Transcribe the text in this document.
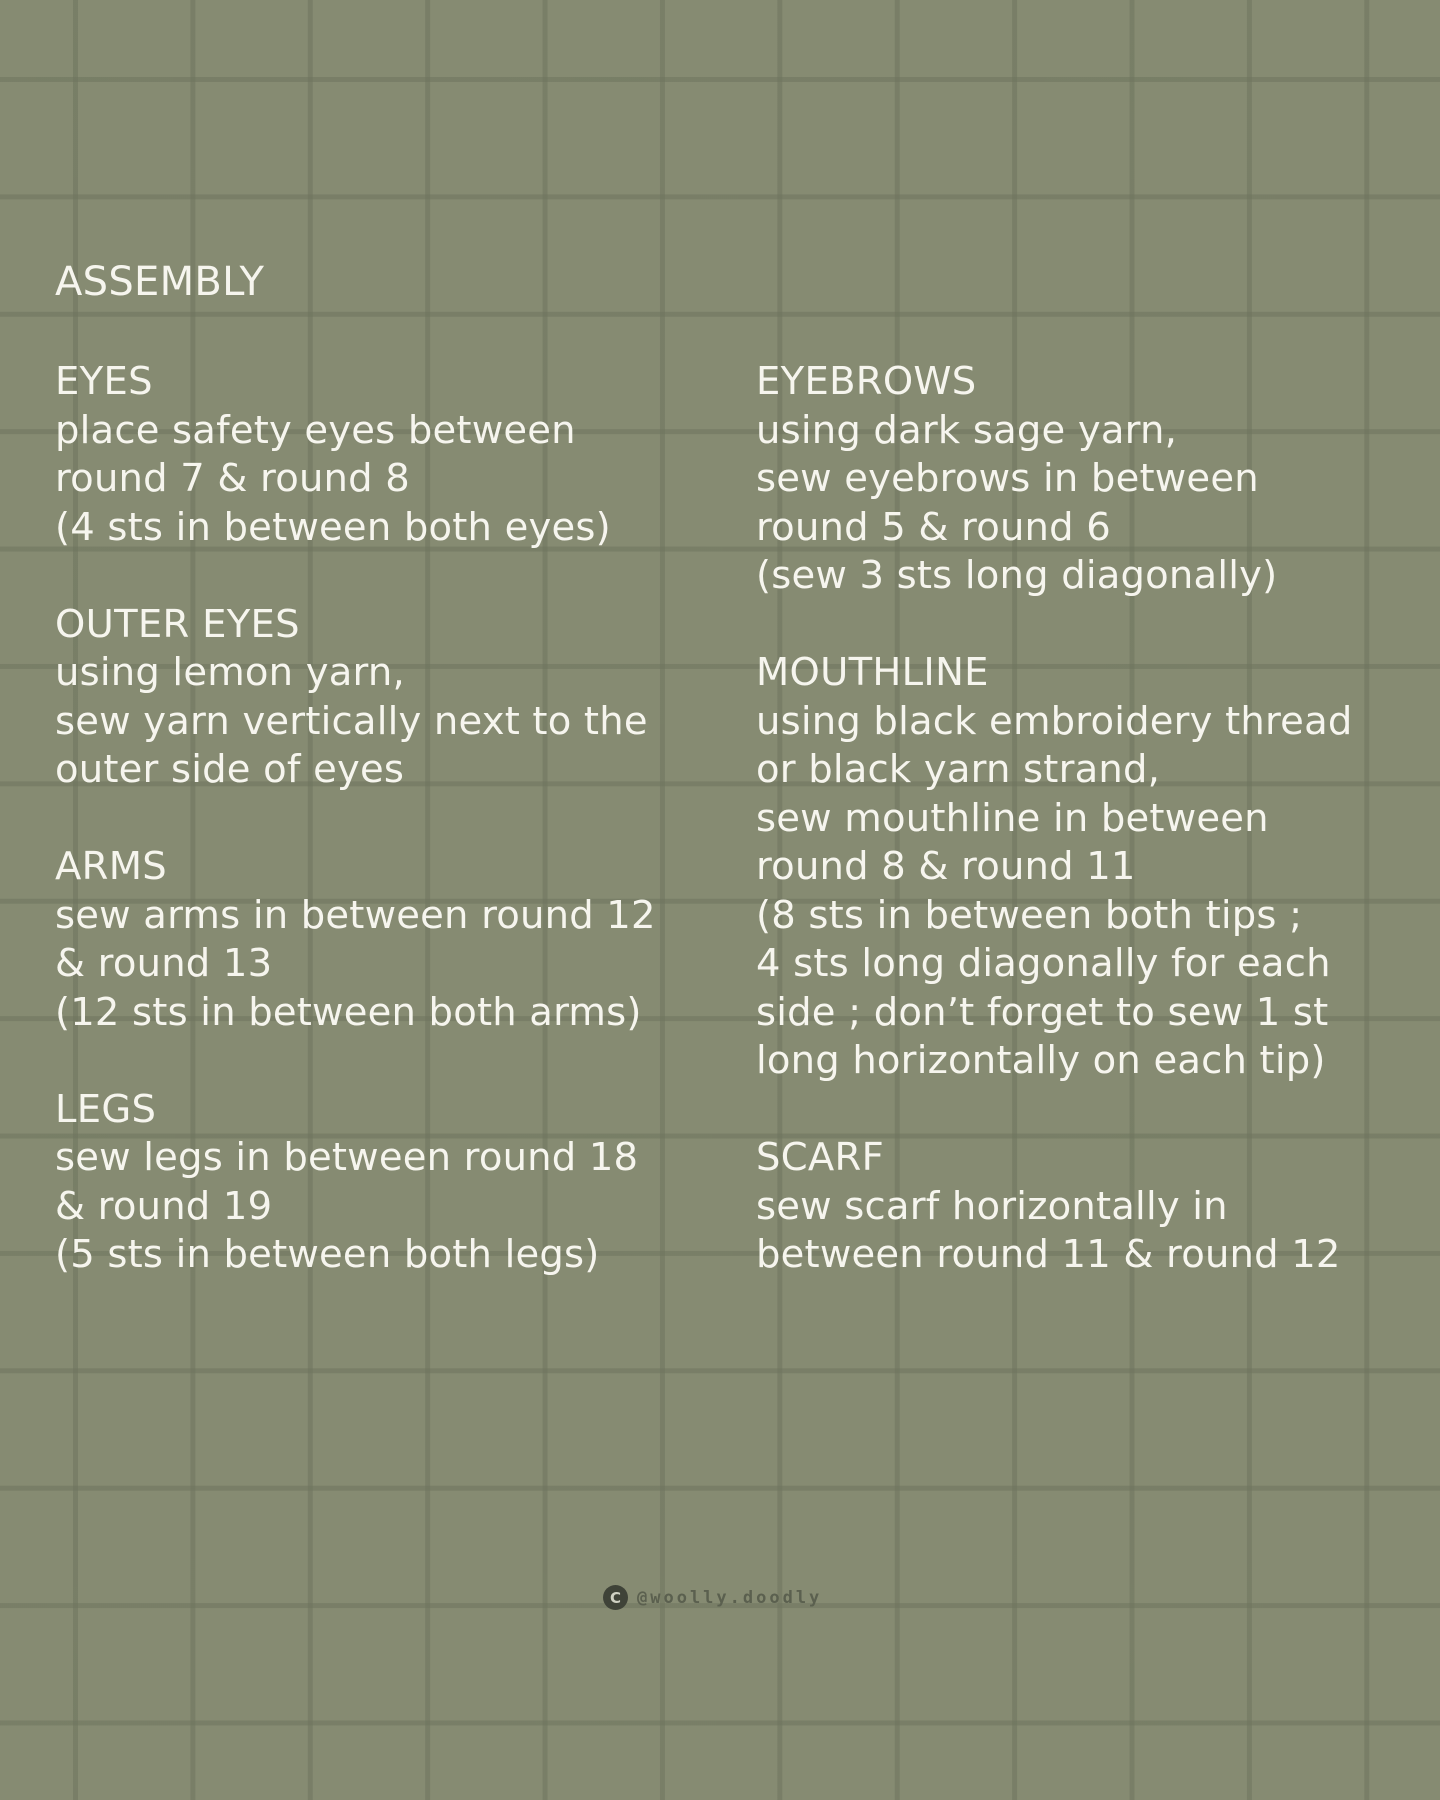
ASSEMBLY
EYES
place safety eyes between
round 7 & round 8
(4 sts in between both eyes)
OUTER EYES
using lemon yarn,
sew yarn vertically next to the
outer side of eyes
ARMS
sew arms in between round 12
& round 13
(12 sts in between both arms)
LEGS
sew legs in between round 18
& round 19
(5 sts in between both legs)
EYEBROWS
using dark sage yarn,
sew eyebrows in between
round 5 & round 6
(sew 3 sts long diagonally)
MOUTHLINE
using black embroidery thread
or black yarn strand,
sew mouthline in between
round 8 & round 11
(8 sts in between both tips ;
4 sts long diagonally for each
side ; don’t forget to sew 1 st
long horizontally on each tip)
SCARF
sew scarf horizontally in
between round 11 & round 12
C @woolly.doodly
